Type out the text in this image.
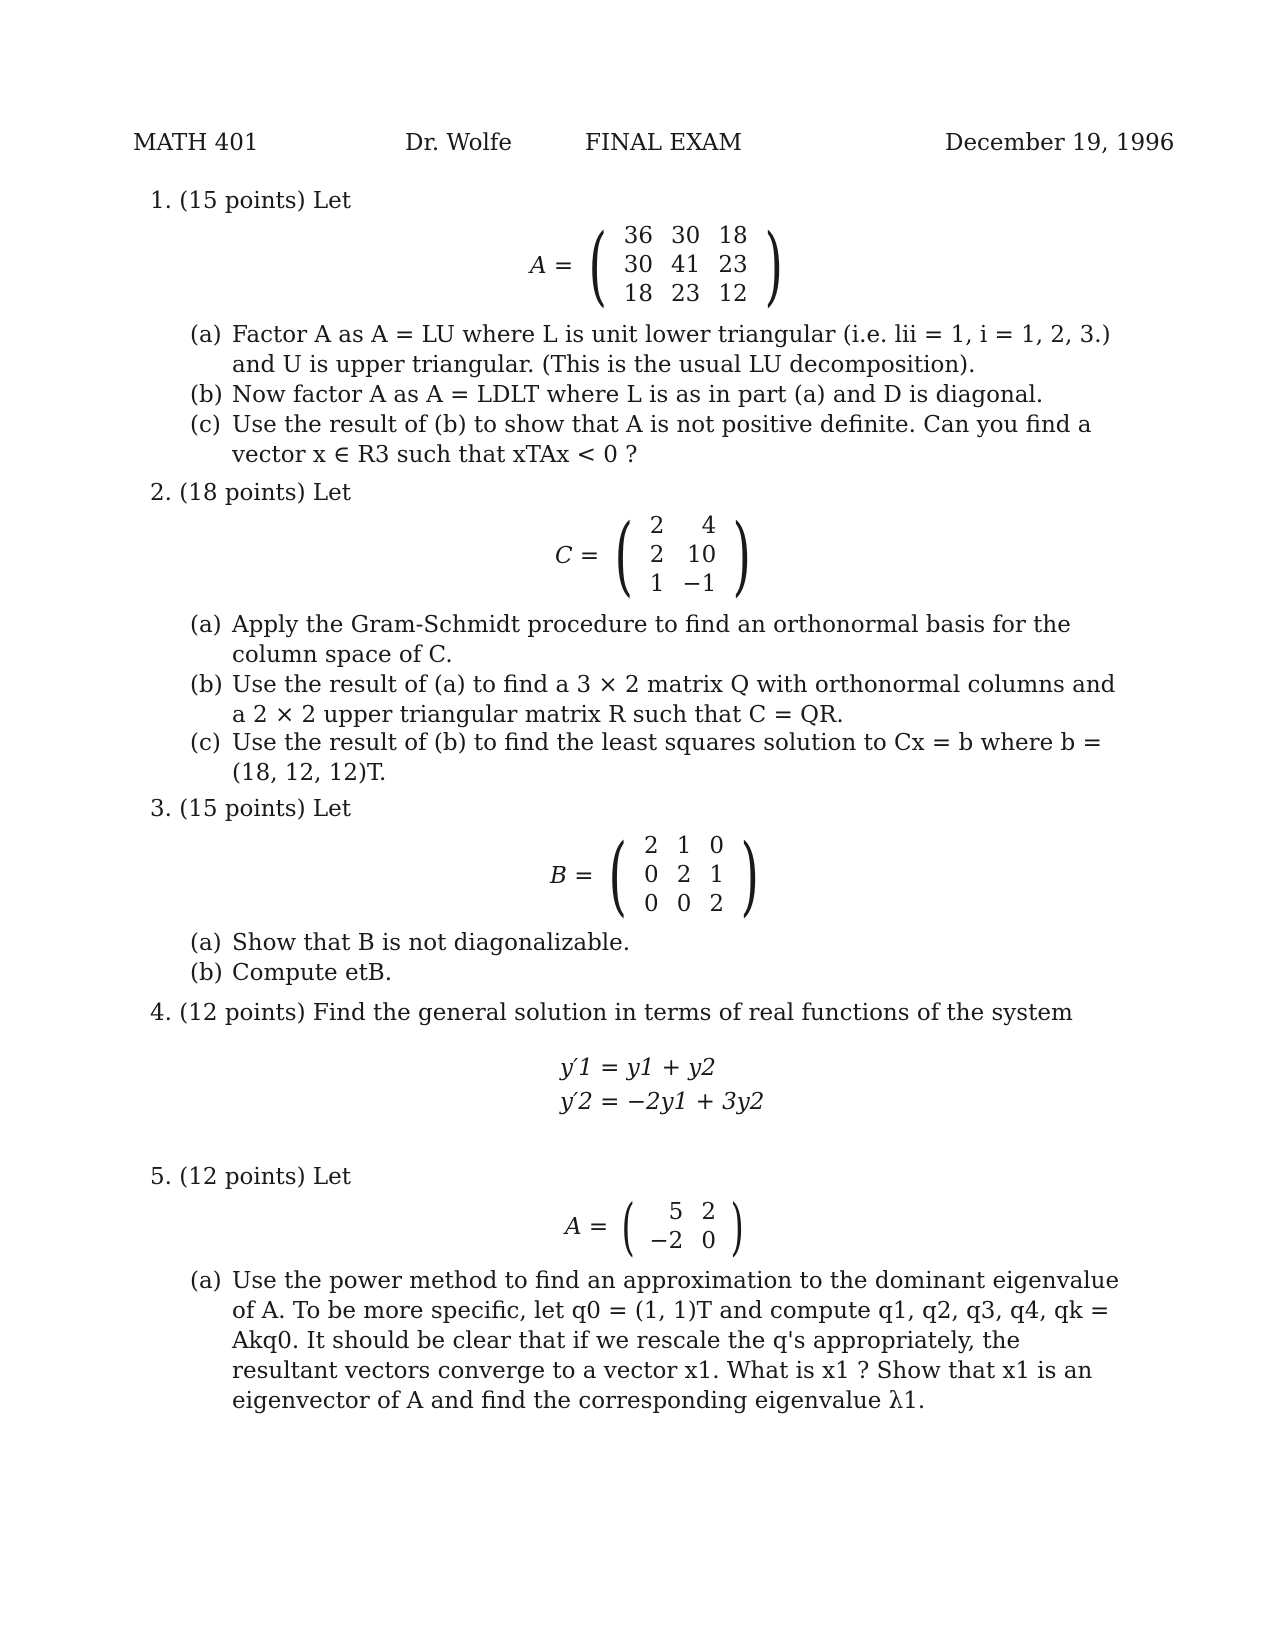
MATH 401	Dr. Wolfe	FINAL EXAM	December 19, 1996
1. (15 points) Let
A = ( 36	30	18
30	41	23
18	23	12 )
(a) Factor A as A = LU where L is unit lower triangular (i.e. lii = 1, i = 1, 2, 3.) and U is upper triangular. (This is the usual LU decomposition).
(b) Now factor A as A = LDLT where L is as in part (a) and D is diagonal.
(c) Use the result of (b) to show that A is not positive definite. Can you find a vector x ∈ R3 such that xTAx < 0 ?
2. (18 points) Let
C = ( 2	4
2	10
1	−1 )
(a) Apply the Gram-Schmidt procedure to find an orthonormal basis for the column space of C.
(b) Use the result of (a) to find a 3 × 2 matrix Q with orthonormal columns and a 2 × 2 upper triangular matrix R such that C = QR.
(c) Use the result of (b) to find the least squares solution to Cx = b where b = (18, 12, 12)T.
3. (15 points) Let
B = ( 2	1	0
0	2	1
0	0	2 )
(a) Show that B is not diagonalizable.
(b) Compute etB.
4. (12 points) Find the general solution in terms of real functions of the system
y′1 = y1 + y2
y′2 = −2y1 + 3y2
5. (12 points) Let
A = ( 5	2
−2	0 )
(a) Use the power method to find an approximation to the dominant eigenvalue of A. To be more specific, let q0 = (1, 1)T and compute q1, q2, q3, q4, qk = Akq0. It should be clear that if we rescale the q's appropriately, the resultant vectors converge to a vector x1. What is x1 ? Show that x1 is an eigenvector of A and find the corresponding eigenvalue λ1.
